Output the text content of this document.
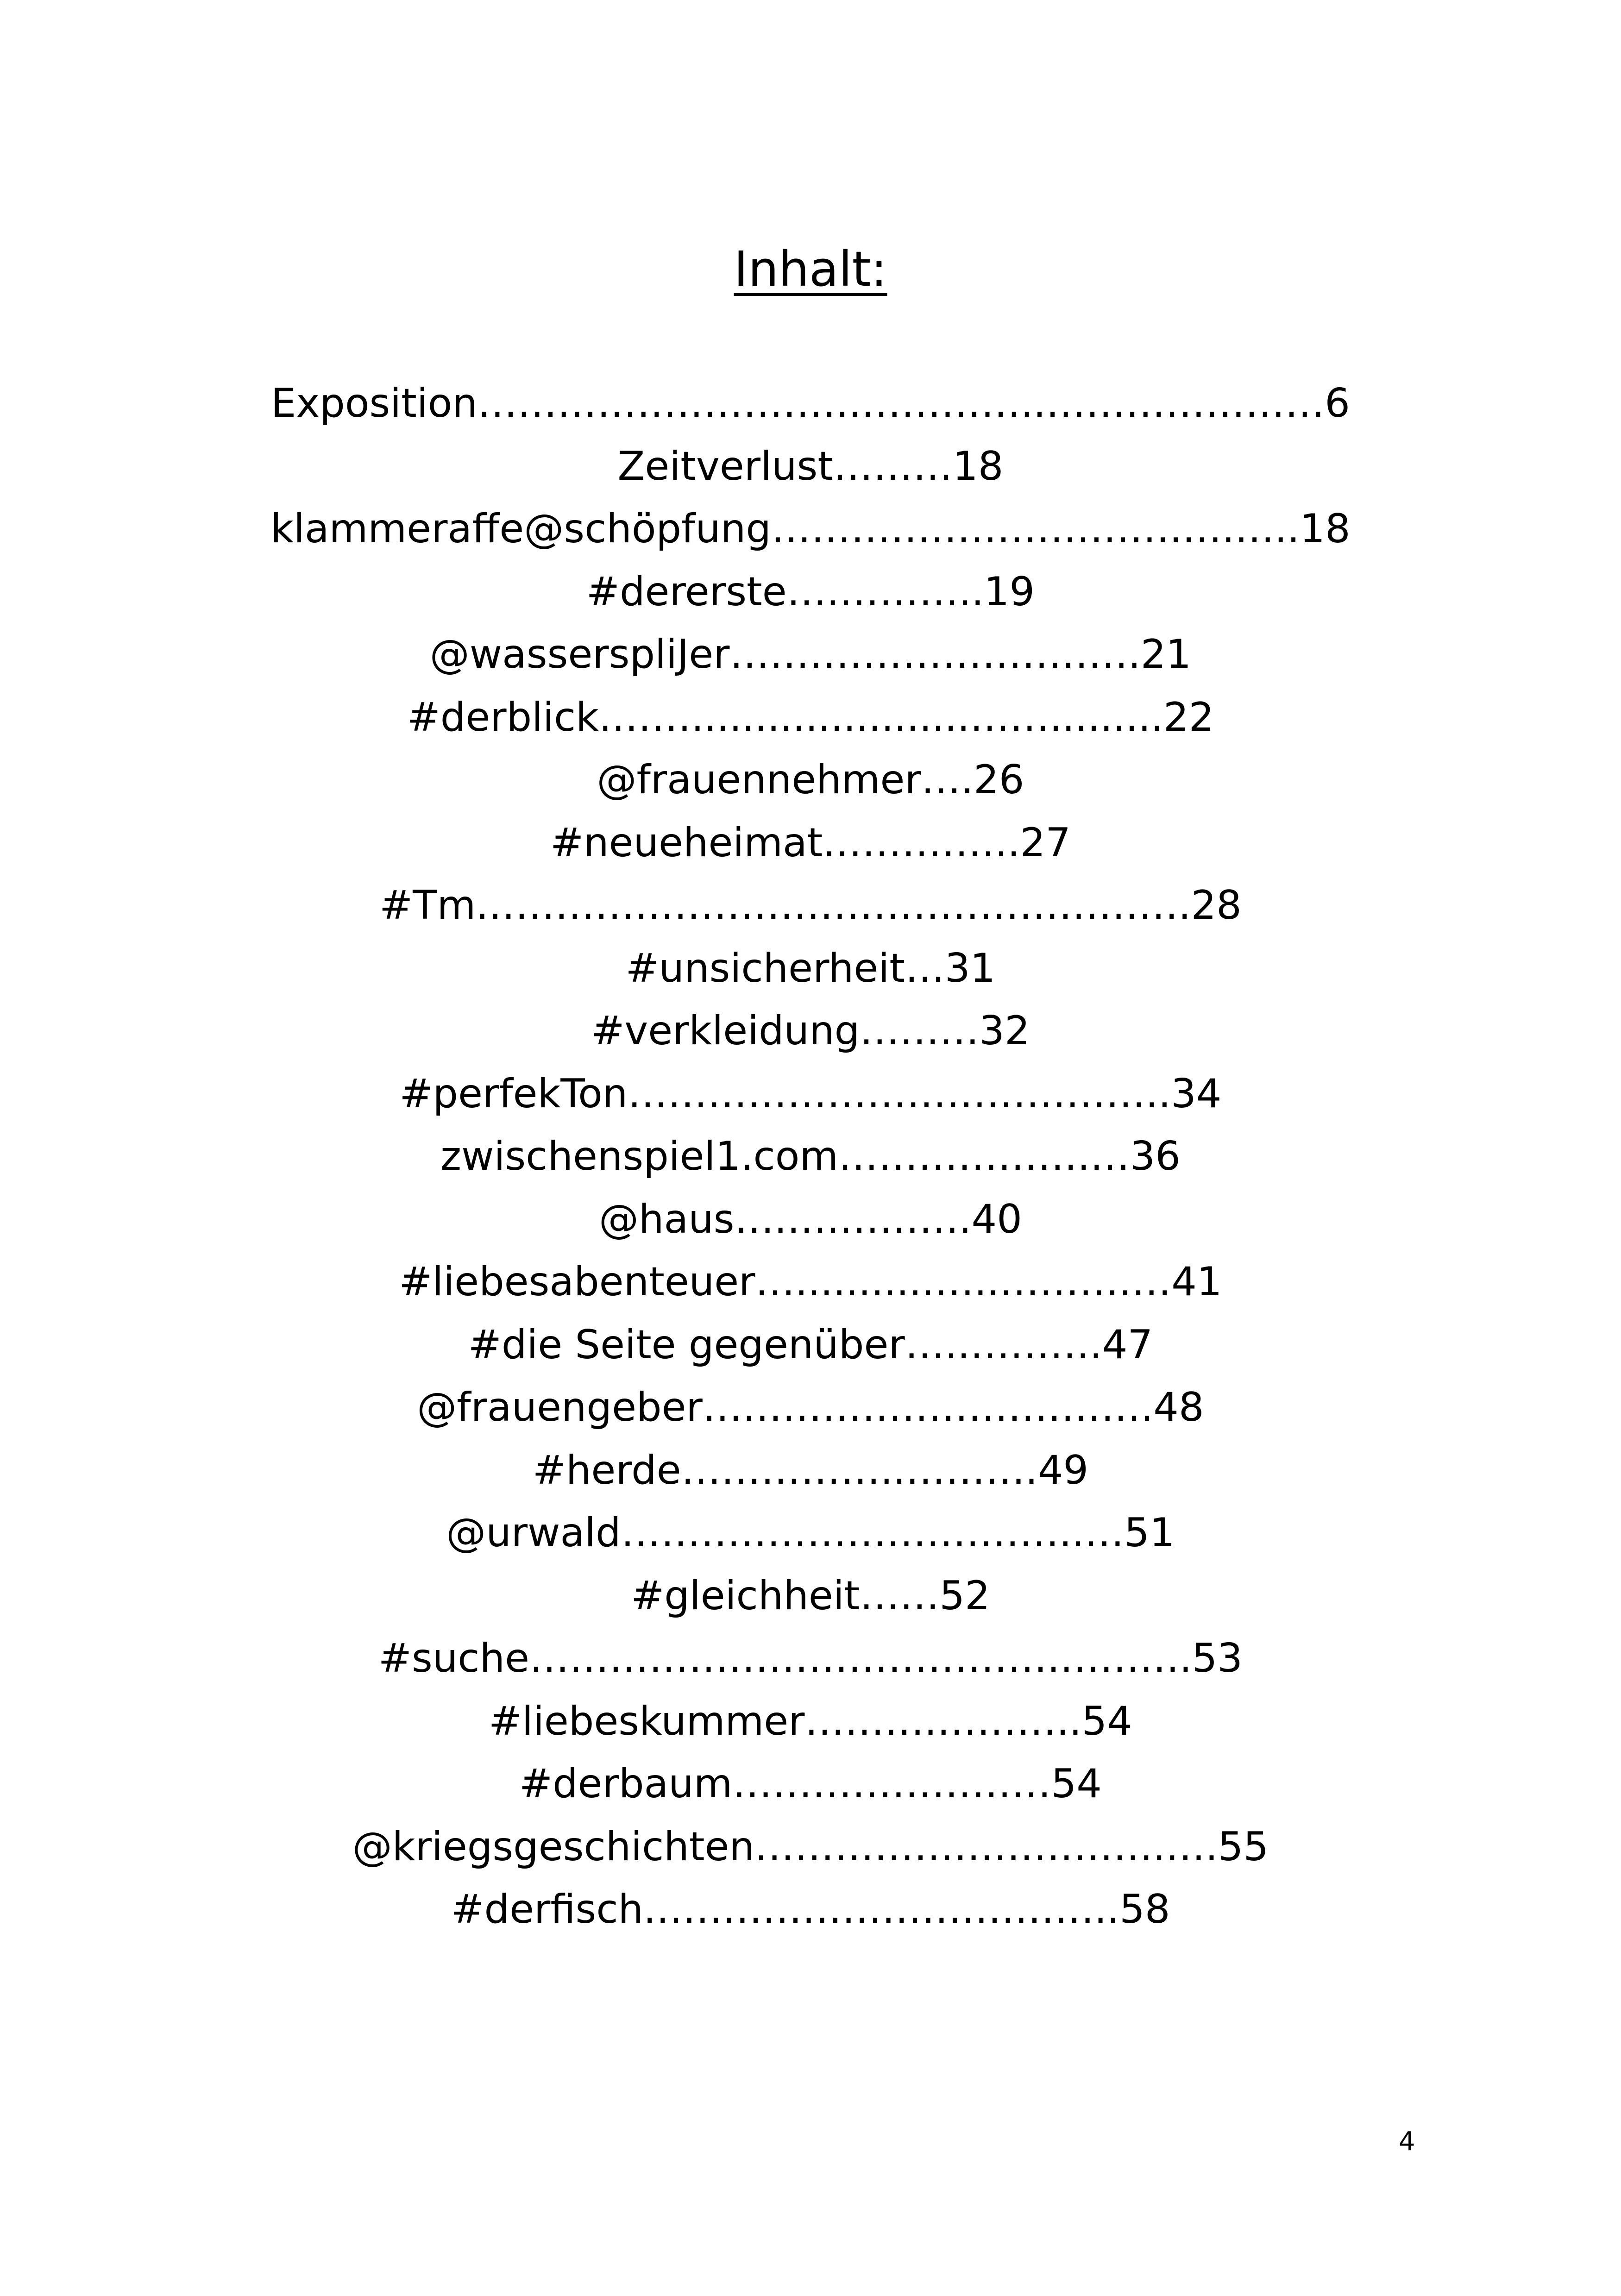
Inhalt:
Exposition………………………..…………..…………………6
Zeitverlust………18
klammeraffe@schöpfung………………………….….…..18
#dererste….………..19
@wasserspliJer………………………….21
#derblick.……......................…….........22
@frauennehmer….26
#neueheimat.…………..27
#Tm.………….………………………………….28
#unsicherheit…31
#verkleidung………32
#perfekTon…………………………………..34
zwischenspiel1.com……………….…36
@haus….….……….40
#liebesabenteuer…...........…..……….…41
#die Seite gegenüber…..……….47
@frauengeber…………………………….48
#herde……………..……….49
@urwald……………………………..…51
#gleichheit……52
#suche………………………………….……….53
#liebeskummer……….………..54
#derbaum……………………54
@kriegsgeschichten………………………….….55
#derfisch.……………………………..58
4
